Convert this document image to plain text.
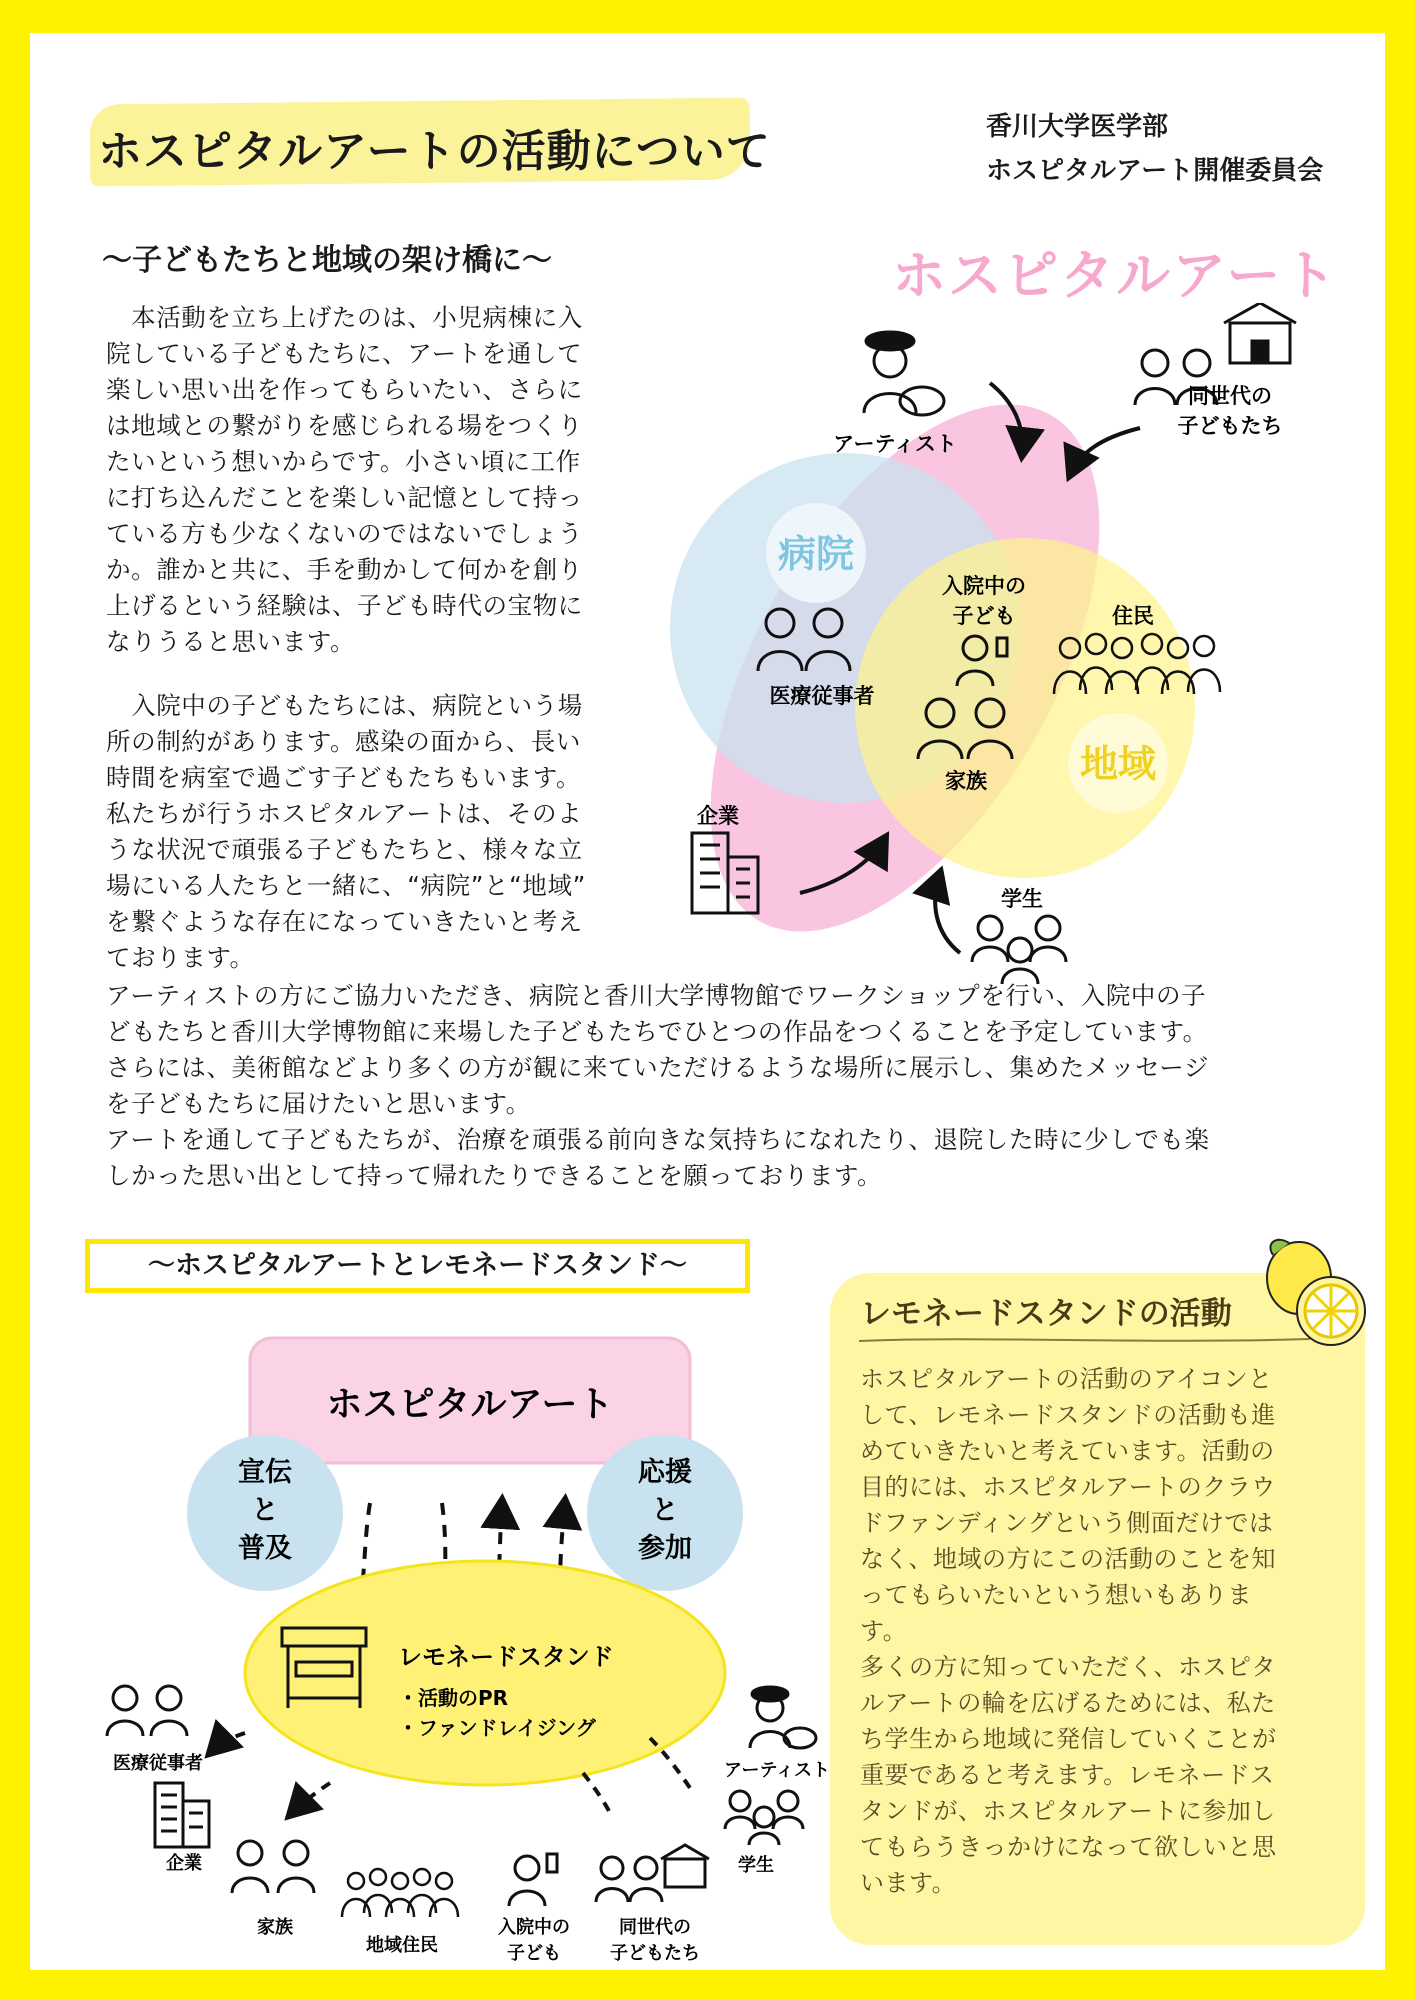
ホスピタルアートの活動について	香川大学医学部
ホスピタルアート開催委員会
〜子どもたちと地域の架け橋に〜
　本活動を立ち上げたのは、小児病棟に入
院している子どもたちに、アートを通して
楽しい思い出を作ってもらいたい、さらに
は地域との繋がりを感じられる場をつくり
たいという想いからです。小さい頃に工作
に打ち込んだことを楽しい記憶として持っ
ている方も少なくないのではないでしょう
か。誰かと共に、手を動かして何かを創り
上げるという経験は、子ども時代の宝物に
なりうると思います。
　入院中の子どもたちには、病院という場
所の制約があります。感染の面から、長い
時間を病室で過ごす子どもたちもいます。
私たちが行うホスピタルアートは、そのよ
うな状況で頑張る子どもたちと、様々な立
場にいる人たちと一緒に、“病院”と“地域”
を繋ぐような存在になっていきたいと考え
ております。
アーティストの方にご協力いただき、病院と香川大学博物館でワークショップを行い、入院中の子
どもたちと香川大学博物館に来場した子どもたちでひとつの作品をつくることを予定しています。
さらには、美術館などより多くの方が観に来ていただけるような場所に展示し、集めたメッセージ
を子どもたちに届けたいと思います。
アートを通して子どもたちが、治療を頑張る前向きな気持ちになれたり、退院した時に少しでも楽
しかった思い出として持って帰れたりできることを願っております。
ホスピタルアート
病院
地域
アーティスト
同世代の
子どもたち
医療従事者
入院中の
子ども
家族
住民
企業
学生
〜ホスピタルアートとレモネードスタンド〜
ホスピタルアート
宣伝
と
普及
応援
と
参加
レモネードスタンド
・活動のPR
・ファンドレイジング
医療従事者
企業
家族
地域住民
入院中の
子ども
同世代の
子どもたち
アーティスト
学生
レモネードスタンドの活動
ホスピタルアートの活動のアイコンと
して、レモネードスタンドの活動も進
めていきたいと考えています。活動の
目的には、ホスピタルアートのクラウ
ドファンディングという側面だけでは
なく、地域の方にこの活動のことを知
ってもらいたいという想いもありま
す。
多くの方に知っていただく、ホスピタ
ルアートの輪を広げるためには、私た
ち学生から地域に発信していくことが
重要であると考えます。レモネードス
タンドが、ホスピタルアートに参加し
てもらうきっかけになって欲しいと思
います。
